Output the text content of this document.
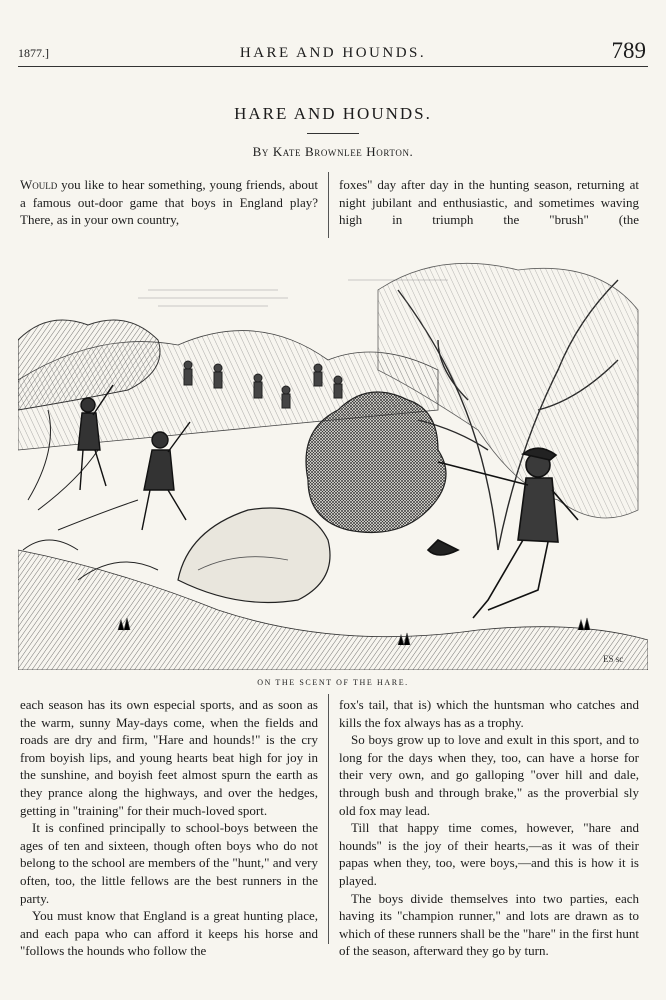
1877.]	HARE AND HOUNDS.	789
HARE AND HOUNDS.
By Kate Brownlee Horton.

Would you like to hear something, young friends, about a famous out-door game that boys in England play? There, as in your own country,

foxes" day after day in the hunting season, returning at night jubilant and enthusiastic, and sometimes waving high in triumph the "brush" (the

ES sc
ON THE SCENT OF THE HARE.

each season has its own especial sports, and as soon as the warm, sunny May-days come, when the fields and roads are dry and firm, "Hare and hounds!" is the cry from boyish lips, and young hearts beat high for joy in the sunshine, and boyish feet almost spurn the earth as they prance along the highways, and over the hedges, getting in "training" for their much-loved sport.

It is confined principally to school-boys between the ages of ten and sixteen, though often boys who do not belong to the school are members of the "hunt," and very often, too, the little fellows are the best runners in the party.

You must know that England is a great hunting place, and each papa who can afford it keeps his horse and "follows the hounds who follow the

fox's tail, that is) which the huntsman who catches and kills the fox always has as a trophy.

So boys grow up to love and exult in this sport, and to long for the days when they, too, can have a horse for their very own, and go galloping "over hill and dale, through bush and through brake," as the proverbial sly old fox may lead.

Till that happy time comes, however, "hare and hounds" is the joy of their hearts,—as it was of their papas when they, too, were boys,—and this is how it is played.

The boys divide themselves into two parties, each having its "champion runner," and lots are drawn as to which of these runners shall be the "hare" in the first hunt of the season, afterward they go by turn.
